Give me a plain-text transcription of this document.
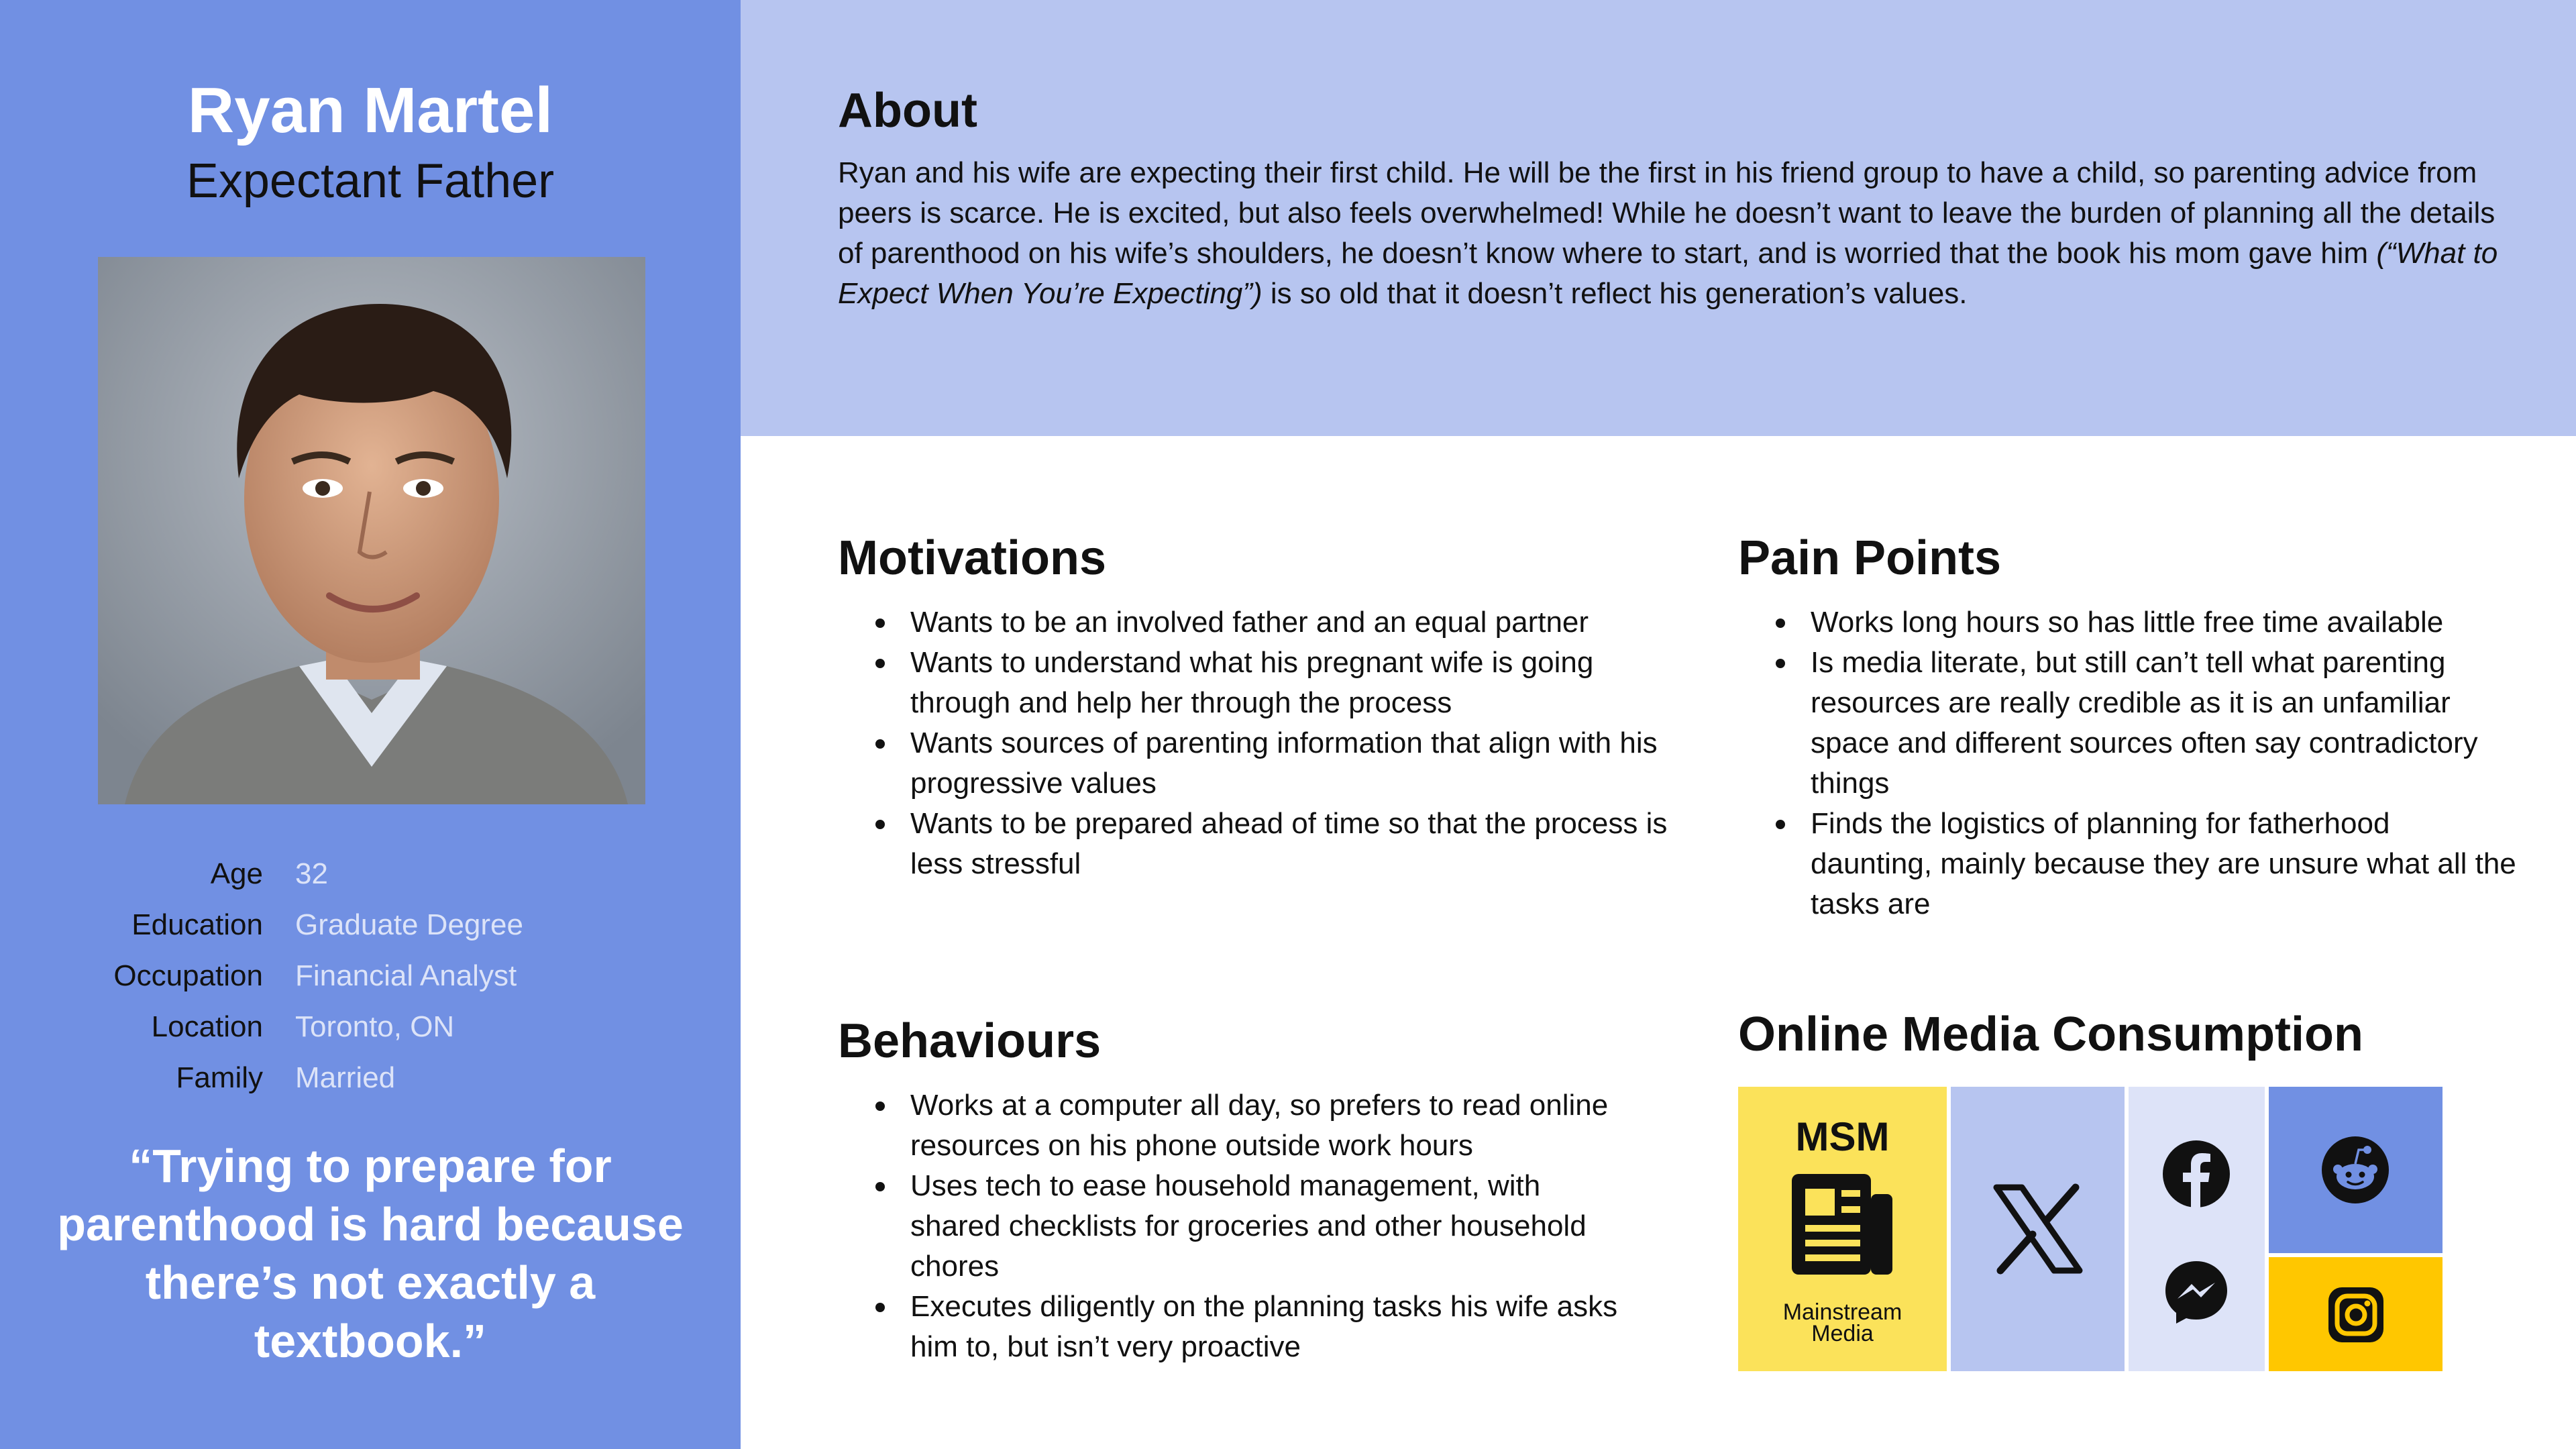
Ryan Martel
Expectant Father
Age 32
Education Graduate Degree
Occupation Financial Analyst
Location Toronto, ON
Family Married
“Trying to prepare for parenthood is hard because there’s not exactly a textbook.”
About

Ryan and his wife are expecting their first child. He will be the first in his friend group to have a child, so parenting advice from peers is scarce. He is excited, but also feels overwhelmed! While he doesn’t want to leave the burden of planning all the details of parenthood on his wife’s shoulders, he doesn’t know where to start, and is worried that the book his mom gave him (“What to Expect When You’re Expecting”) is so old that it doesn’t reflect his generation’s values.

Motivations
Wants to be an involved father and an equal partner
Wants to understand what his pregnant wife is going through and help her through the process
Wants sources of parenting information that align with his progressive values
Wants to be prepared ahead of time so that the process is less stressful
Pain Points
Works long hours so has little free time available
Is media literate, but still can’t tell what parenting resources are really credible as it is an unfamiliar space and different sources often say contradictory things
Finds the logistics of planning for fatherhood daunting, mainly because they are unsure what all the tasks are
Behaviours
Works at a computer all day, so prefers to read online resources on his phone outside work hours
Uses tech to ease household management, with shared checklists for groceries and other household chores
Executes diligently on the planning tasks his wife asks him to, but isn’t very proactive
Online Media Consumption
MSM
Mainstream
Media
